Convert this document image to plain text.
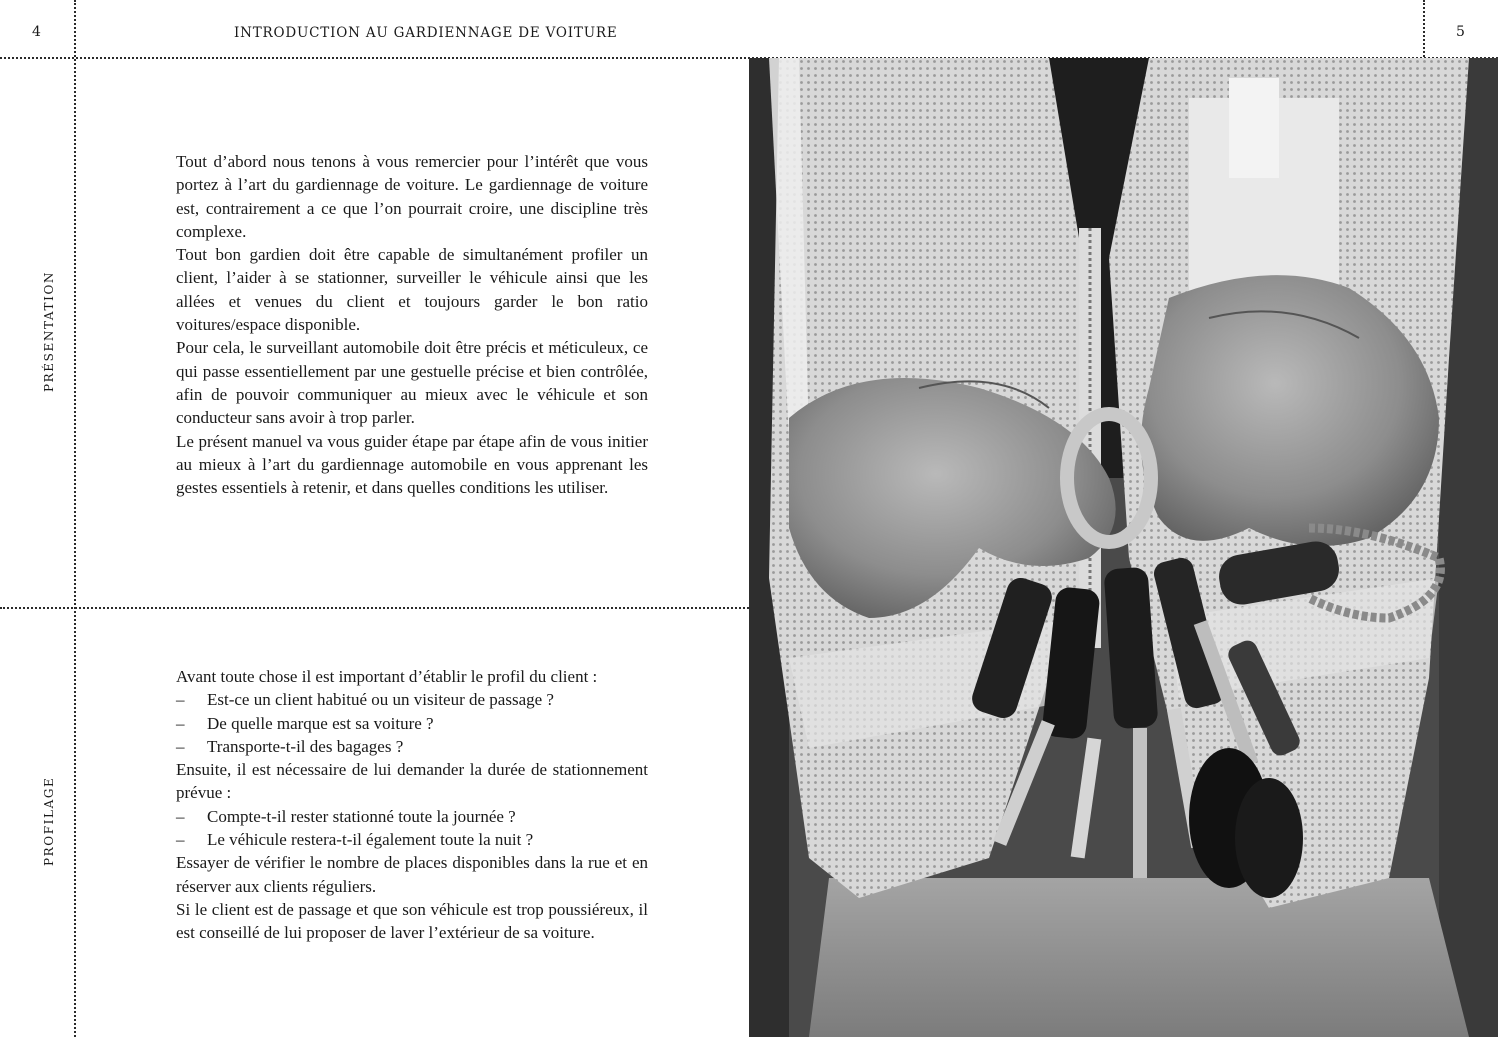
4	INTRODUCTION AU GARDIENNAGE DE VOITURE	5
PRÉSENTATION
PROFILAGE

Tout d’abord nous tenons à vous remercier pour l’intérêt que vous portez à l’art du gardiennage de voiture. Le gardiennage de voiture est, contrairement a ce que l’on pourrait croire, une discipline très complexe.

Tout bon gardien doit être capable de simultanément profiler un client, l’aider à se stationner, surveiller le véhicule ainsi que les allées et venues du client et toujours garder le bon ratio voitures/espace disponible.

Pour cela, le surveillant automobile doit être précis et méticuleux, ce qui passe essentiellement par une gestuelle précise et bien contrôlée, afin de pouvoir communiquer au mieux avec le véhicule et son conducteur sans avoir à trop parler.

Le présent manuel va vous guider étape par étape afin de vous initier au mieux à l’art du gardiennage automobile en vous apprenant les gestes essentiels à retenir, et dans quelles conditions les utiliser.

Avant toute chose il est important d’établir le profil du client :

– Est-ce un client habitué ou un visiteur de passage ?

– De quelle marque est sa voiture ?

– Transporte-t-il des bagages ?

Ensuite, il est nécessaire de lui demander la durée de stationnement prévue :

– Compte-t-il rester stationné toute la journée ?

– Le véhicule restera-t-il également toute la nuit ?

Essayer de vérifier le nombre de places disponibles dans la rue et en réserver aux clients réguliers.

Si le client est de passage et que son véhicule est trop poussiéreux, il est conseillé de lui proposer de laver l’extérieur de sa voiture.
